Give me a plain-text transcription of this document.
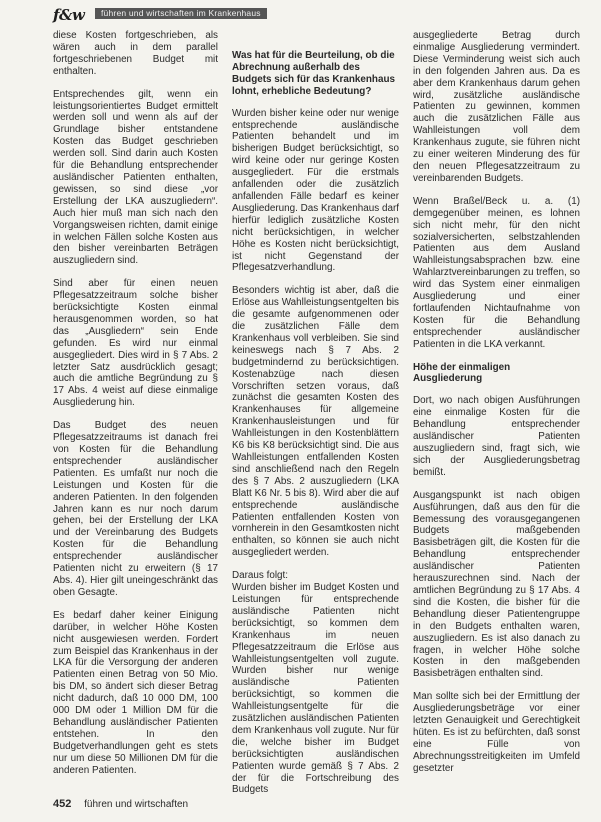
f&w	führen und wirtschaften im Krankenhaus

diese Kosten fortgeschrieben, als wären auch in dem parallel fortgeschriebenen Budget mit enthalten.

Entsprechendes gilt, wenn ein leistungsorientiertes Budget ermittelt werden soll und wenn als auf der Grundlage bisher entstandene Kosten das Budget geschrieben werden soll. Sind darin auch Kosten für die Behandlung entsprechender ausländischer Patienten enthalten, gewissen, so sind diese „vor Erstellung der LKA auszugliedern“. Auch hier muß man sich nach den Vorgangsweisen richten, damit einige in welchen Fällen solche Kosten aus den bisher vereinbarten Beträgen auszugliedern sind.

Sind aber für einen neuen Pflegesatzzeitraum solche bisher berücksichtigte Kosten einmal herausgenommen worden, so hat das „Ausgliedern“ sein Ende gefunden. Es wird nur einmal ausgegliedert. Dies wird in § 7 Abs. 2 letzter Satz ausdrücklich gesagt; auch die amtliche Begründung zu § 17 Abs. 4 weist auf diese einmalige Ausgliederung hin.

Das Budget des neuen Pflegesatzzeitraums ist danach frei von Kosten für die Behandlung entsprechender ausländischer Patienten. Es umfaßt nur noch die Leistungen und Kosten für die anderen Patienten. In den folgenden Jahren kann es nur noch darum gehen, bei der Erstellung der LKA und der Vereinbarung des Budgets Kosten für die Behandlung entsprechender ausländischer Patienten nicht zu erweitern (§ 17 Abs. 4). Hier gilt uneingeschränkt das oben Gesagte.

Es bedarf daher keiner Einigung darüber, in welcher Höhe Kosten nicht ausgewiesen werden. Fordert zum Beispiel das Krankenhaus in der LKA für die Versorgung der anderen Patienten einen Betrag von 50 Mio. bis DM, so ändert sich dieser Betrag nicht dadurch, daß 10 000 DM, 100 000 DM oder 1 Million DM für die Behandlung ausländischer Patienten entstehen. In den Budgetverhandlungen geht es stets nur um diese 50 Millionen DM für die anderen Patienten.

Was hat für die Beurteilung, ob die Abrechnung außerhalb des Budgets sich für das Krankenhaus lohnt, erhebliche Bedeutung?

Wurden bisher keine oder nur wenige entsprechende ausländische Patienten behandelt und im bisherigen Budget berücksichtigt, so wird keine oder nur geringe Kosten ausgegliedert. Für die erstmals anfallenden oder die zusätzlich anfallenden Fälle bedarf es keiner Ausgliederung. Das Krankenhaus darf hierfür lediglich zusätzliche Kosten nicht berücksichtigen, in welcher Höhe es Kosten nicht berücksichtigt, ist nicht Gegenstand der Pflegesatzverhandlung.

Besonders wichtig ist aber, daß die Erlöse aus Wahlleistungsentgelten bis die gesamte aufgenommenen oder die zusätzlichen Fälle dem Krankenhaus voll verbleiben. Sie sind keineswegs nach § 7 Abs. 2 budgetmindernd zu berücksichtigen. Kostenabzüge nach diesen Vorschriften setzen voraus, daß zunächst die gesamten Kosten des Krankenhauses für allgemeine Krankenhausleistungen und für Wahlleistungen in den Kostenblättern K6 bis K8 berücksichtigt sind. Die aus Wahlleistungen entfallenden Kosten sind anschließend nach den Regeln des § 7 Abs. 2 auszugliedern (LKA Blatt K6 Nr. 5 bis 8). Wird aber die auf entsprechende ausländische Patienten entfallenden Kosten von vornherein in den Gesamtkosten nicht enthalten, so können sie auch nicht ausgegliedert werden.

Daraus folgt:
Wurden bisher im Budget Kosten und Leistungen für entsprechende ausländische Patienten nicht berücksichtigt, so kommen dem Krankenhaus im neuen Pflegesatzzeitraum die Erlöse aus Wahlleistungsentgelten voll zugute. Wurden bisher nur wenige ausländische Patienten berücksichtigt, so kommen die Wahlleistungsentgelte für die zusätzlichen ausländischen Patienten dem Krankenhaus voll zugute. Nur für die, welche bisher im Budget berücksichtigten ausländischen Patienten wurde gemäß § 7 Abs. 2 der für die Fortschreibung des Budgets

ausgegliederte Betrag durch einmalige Ausgliederung vermindert. Diese Verminderung weist sich auch in den folgenden Jahren aus. Da es aber dem Krankenhaus darum gehen wird, zusätzliche ausländische Patienten zu gewinnen, kommen auch die zusätzlichen Fälle aus Wahlleistungen voll dem Krankenhaus zugute, sie führen nicht zu einer weiteren Minderung des für den neuen Pflegesatzzeitraum zu vereinbarenden Budgets.

Wenn Braßel/Beck u. a. (1) demgegenüber meinen, es lohnen sich nicht mehr, für den nicht sozialversicherten, selbstzahlenden Patienten aus dem Ausland Wahlleistungsabsprachen bzw. eine Wahlarztvereinbarungen zu treffen, so wird das System einer einmaligen Ausgliederung und einer fortlaufenden Nichtaufnahme von Kosten für die Behandlung entsprechender ausländischer Patienten in die LKA verkannt.

Höhe der einmaligen Ausgliederung

Dort, wo nach obigen Ausführungen eine einmalige Kosten für die Behandlung entsprechender ausländischer Patienten auszugliedern sind, fragt sich, wie sich der Ausgliederungsbetrag bemißt.

Ausgangspunkt ist nach obigen Ausführungen, daß aus den für die Bemessung des vorausgegangenen Budgets maßgebenden Basisbeträgen gilt, die Kosten für die Behandlung entsprechender ausländischer Patienten herauszurechnen sind. Nach der amtlichen Begründung zu § 17 Abs. 4 sind die Kosten, die bisher für die Behandlung dieser Patientengruppe in den Budgets enthalten waren, auszugliedern. Es ist also danach zu fragen, in welcher Höhe solche Kosten in den maßgebenden Basisbeträgen enthalten sind.

Man sollte sich bei der Ermittlung der Ausgliederungsbeträge vor einer letzten Genauigkeit und Gerechtigkeit hüten. Es ist zu befürchten, daß sonst eine Fülle von Abrechnungsstreitigkeiten im Umfeld gesetzter

452 führen und wirtschaften
